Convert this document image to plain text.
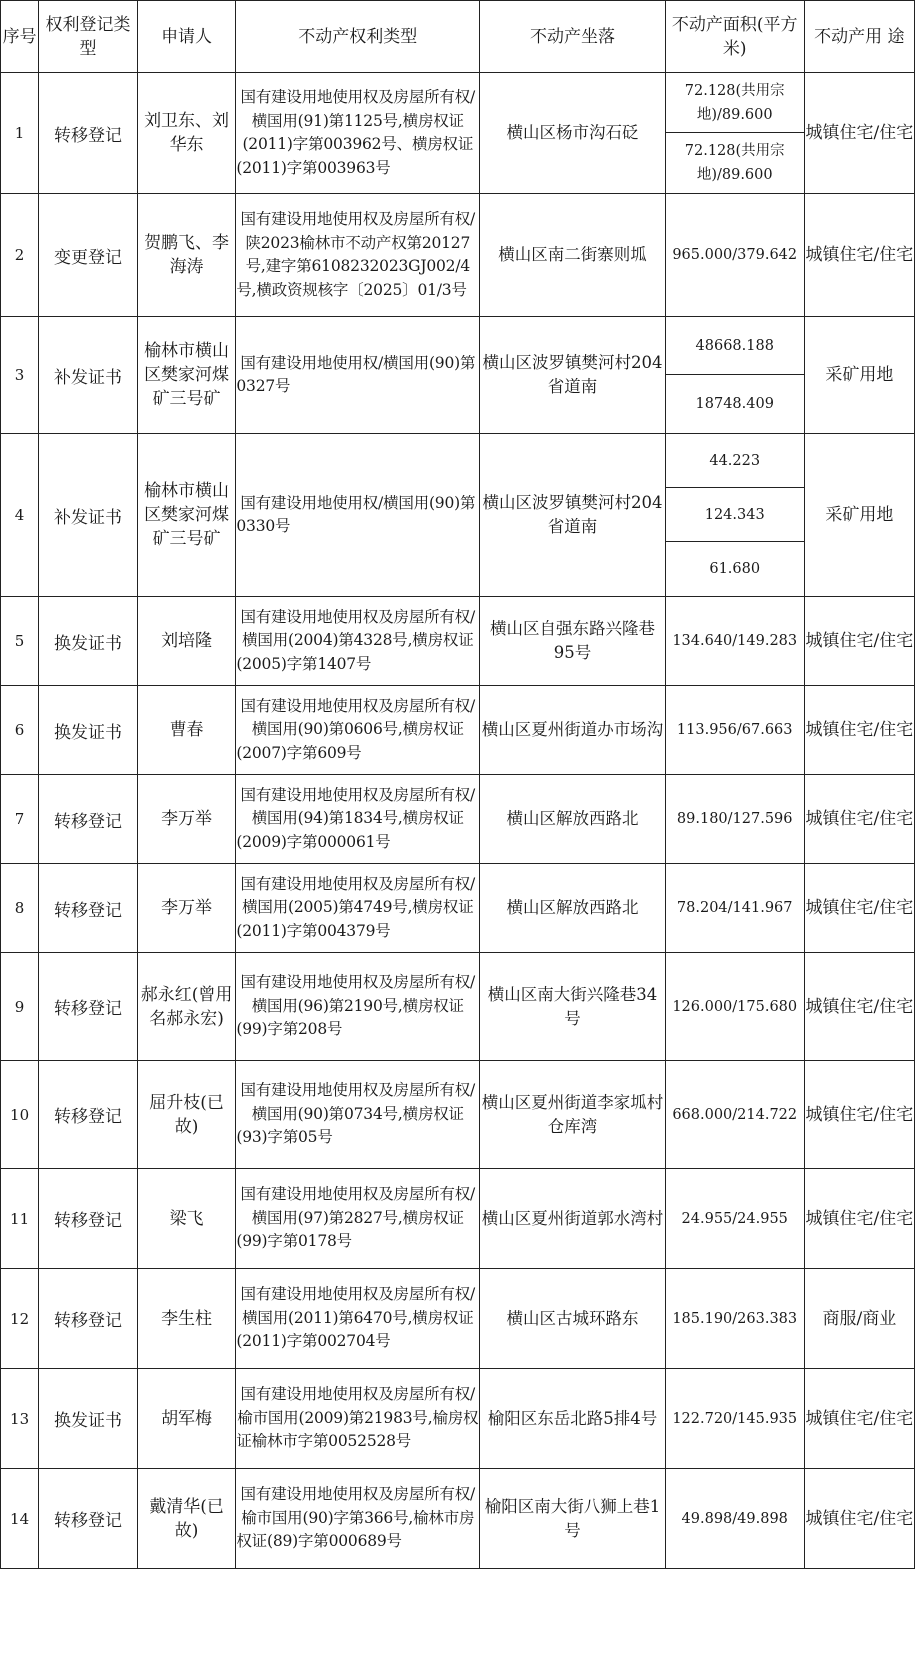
序号	权利登记类型	申请人	不动产权利类型	不动产坐落	不动产面积(平方米)	不动产用 途
1	转移登记	刘卫东、刘华东	国有建设用地使用权及房屋所有权/横国用(91)第1125号,横房权证(2011)字第003962号、横房权证(2011)字第003963号	横山区杨市沟石砭	72.128(共用宗地)/89.600	城镇住宅/住宅
					72.128(共用宗地)/89.600	
2	变更登记	贺鹏飞、李海涛	国有建设用地使用权及房屋所有权/陕2023榆林市不动产权第20127号,建字第6108232023GJ002/4号,横政资规核字〔2025〕01/3号	横山区南二街寨则坬	965.000/379.642	城镇住宅/住宅
3	补发证书	榆林市横山区樊家河煤矿三号矿	国有建设用地使用权/横国用(90)第0327号	横山区波罗镇樊河村204省道南	48668.188	采矿用地
					18748.409	
4	补发证书	榆林市横山区樊家河煤矿三号矿	国有建设用地使用权/横国用(90)第0330号	横山区波罗镇樊河村204省道南	44.223	采矿用地
					124.343	
					61.680	
5	换发证书	刘培隆	国有建设用地使用权及房屋所有权/横国用(2004)第4328号,横房权证(2005)字第1407号	横山区自强东路兴隆巷95号	134.640/149.283	城镇住宅/住宅
6	换发证书	曹春	国有建设用地使用权及房屋所有权/横国用(90)第0606号,横房权证(2007)字第609号	横山区夏州街道办市场沟	113.956/67.663	城镇住宅/住宅
7	转移登记	李万举	国有建设用地使用权及房屋所有权/横国用(94)第1834号,横房权证(2009)字第000061号	横山区解放西路北	89.180/127.596	城镇住宅/住宅
8	转移登记	李万举	国有建设用地使用权及房屋所有权/横国用(2005)第4749号,横房权证(2011)字第004379号	横山区解放西路北	78.204/141.967	城镇住宅/住宅
9	转移登记	郝永红(曾用名郝永宏)	国有建设用地使用权及房屋所有权/横国用(96)第2190号,横房权证(99)字第208号	横山区南大街兴隆巷34号	126.000/175.680	城镇住宅/住宅
10	转移登记	屈升枝(已故)	国有建设用地使用权及房屋所有权/横国用(90)第0734号,横房权证(93)字第05号	横山区夏州街道李家坬村仓库湾	668.000/214.722	城镇住宅/住宅
11	转移登记	梁飞	国有建设用地使用权及房屋所有权/横国用(97)第2827号,横房权证(99)字第0178号	横山区夏州街道郭水湾村	24.955/24.955	城镇住宅/住宅
12	转移登记	李生柱	国有建设用地使用权及房屋所有权/横国用(2011)第6470号,横房权证(2011)字第002704号	横山区古城环路东	185.190/263.383	商服/商业
13	换发证书	胡军梅	国有建设用地使用权及房屋所有权/榆市国用(2009)第21983号,榆房权证榆林市字第0052528号	榆阳区东岳北路5排4号	122.720/145.935	城镇住宅/住宅
14	转移登记	戴清华(已故)	国有建设用地使用权及房屋所有权/榆市国用(90)字第366号,榆林市房权证(89)字第000689号	榆阳区南大街八狮上巷1号	49.898/49.898	城镇住宅/住宅
